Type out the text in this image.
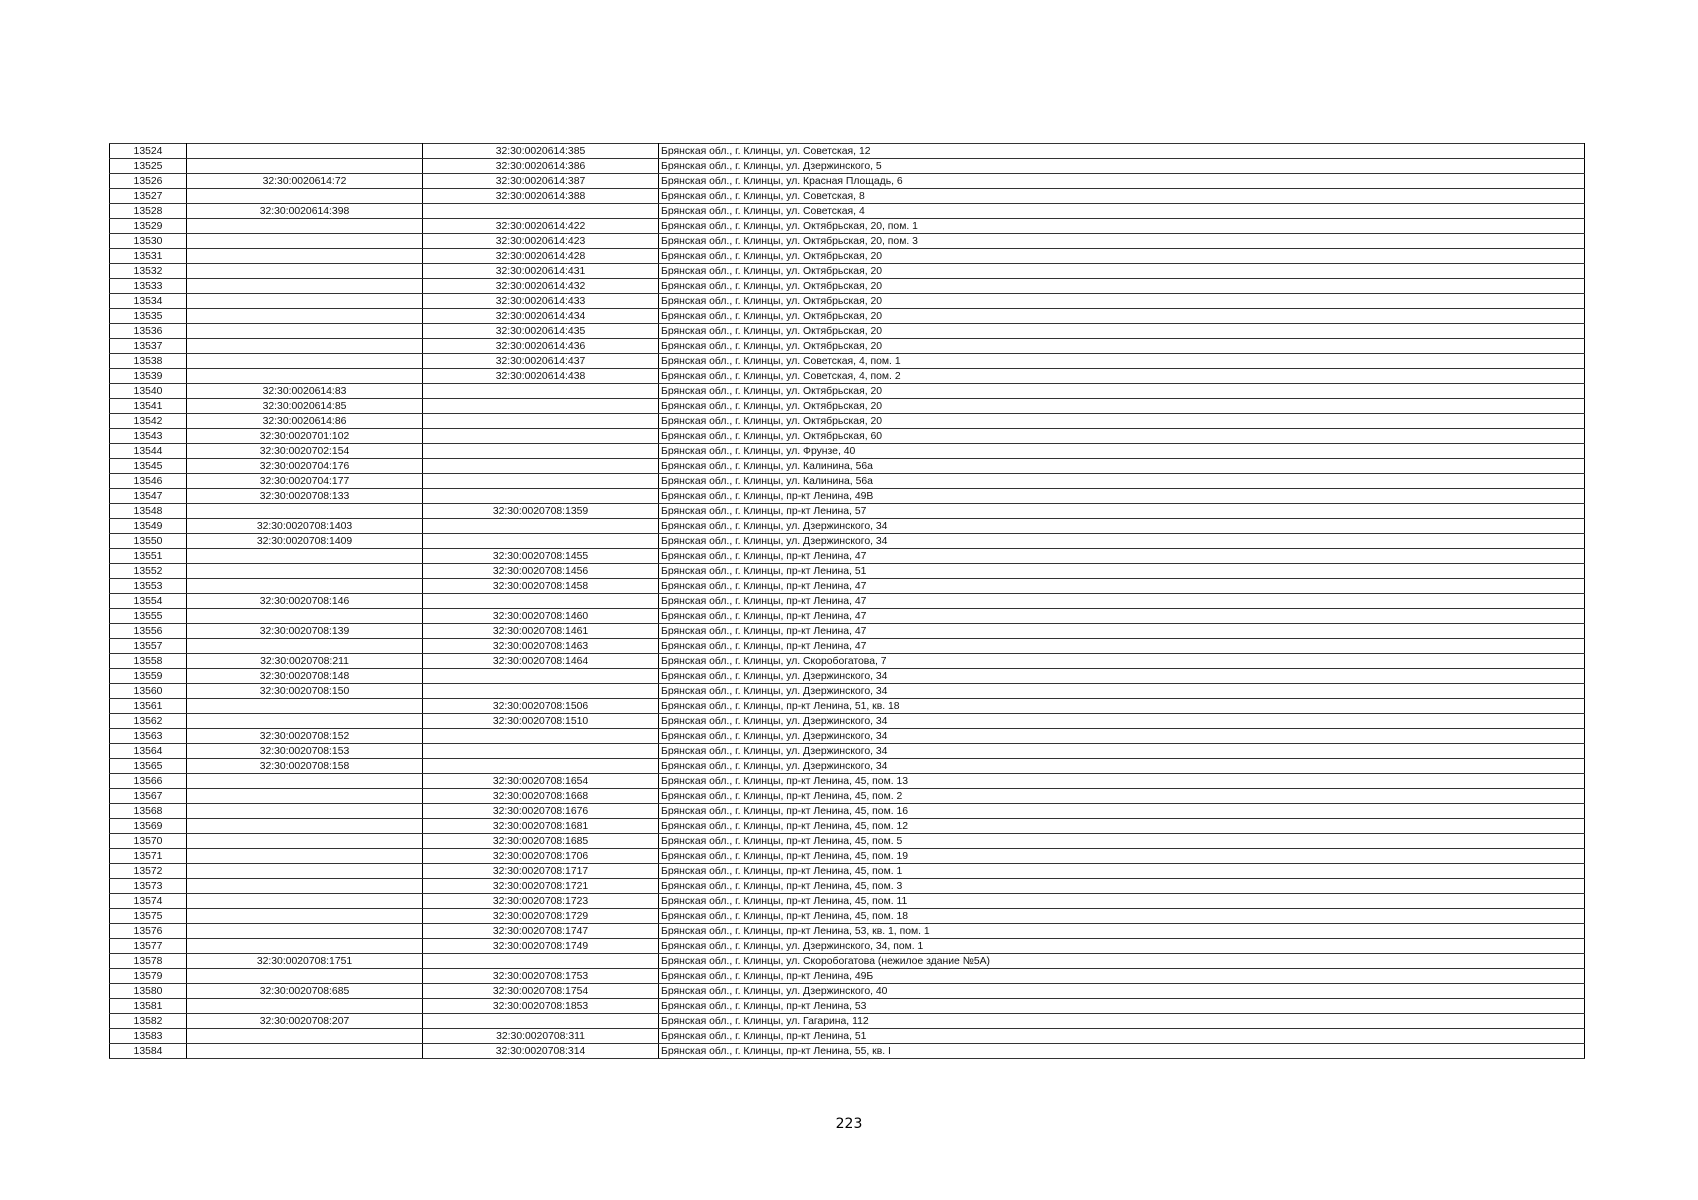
13524		32:30:0020614:385	Брянская обл., г. Клинцы, ул. Советская, 12
13525		32:30:0020614:386	Брянская обл., г. Клинцы, ул. Дзержинского, 5
13526	32:30:0020614:72	32:30:0020614:387	Брянская обл., г. Клинцы, ул. Красная Площадь, 6
13527		32:30:0020614:388	Брянская обл., г. Клинцы, ул. Советская, 8
13528	32:30:0020614:398		Брянская обл., г. Клинцы, ул. Советская, 4
13529		32:30:0020614:422	Брянская обл., г. Клинцы, ул. Октябрьская, 20, пом. 1
13530		32:30:0020614:423	Брянская обл., г. Клинцы, ул. Октябрьская, 20, пом. 3
13531		32:30:0020614:428	Брянская обл., г. Клинцы, ул. Октябрьская, 20
13532		32:30:0020614:431	Брянская обл., г. Клинцы, ул. Октябрьская, 20
13533		32:30:0020614:432	Брянская обл., г. Клинцы, ул. Октябрьская, 20
13534		32:30:0020614:433	Брянская обл., г. Клинцы, ул. Октябрьская, 20
13535		32:30:0020614:434	Брянская обл., г. Клинцы, ул. Октябрьская, 20
13536		32:30:0020614:435	Брянская обл., г. Клинцы, ул. Октябрьская, 20
13537		32:30:0020614:436	Брянская обл., г. Клинцы, ул. Октябрьская, 20
13538		32:30:0020614:437	Брянская обл., г. Клинцы, ул. Советская, 4, пом. 1
13539		32:30:0020614:438	Брянская обл., г. Клинцы, ул. Советская, 4, пом. 2
13540	32:30:0020614:83		Брянская обл., г. Клинцы, ул. Октябрьская, 20
13541	32:30:0020614:85		Брянская обл., г. Клинцы, ул. Октябрьская, 20
13542	32:30:0020614:86		Брянская обл., г. Клинцы, ул. Октябрьская, 20
13543	32:30:0020701:102		Брянская обл., г. Клинцы, ул. Октябрьская, 60
13544	32:30:0020702:154		Брянская обл., г. Клинцы, ул. Фрунзе, 40
13545	32:30:0020704:176		Брянская обл., г. Клинцы, ул. Калинина, 56а
13546	32:30:0020704:177		Брянская обл., г. Клинцы, ул. Калинина, 56а
13547	32:30:0020708:133		Брянская обл., г. Клинцы, пр-кт Ленина, 49В
13548		32:30:0020708:1359	Брянская обл., г. Клинцы, пр-кт Ленина, 57
13549	32:30:0020708:1403		Брянская обл., г. Клинцы, ул. Дзержинского, 34
13550	32:30:0020708:1409		Брянская обл., г. Клинцы, ул. Дзержинского, 34
13551		32:30:0020708:1455	Брянская обл., г. Клинцы, пр-кт Ленина, 47
13552		32:30:0020708:1456	Брянская обл., г. Клинцы, пр-кт Ленина, 51
13553		32:30:0020708:1458	Брянская обл., г. Клинцы, пр-кт Ленина, 47
13554	32:30:0020708:146		Брянская обл., г. Клинцы, пр-кт Ленина, 47
13555		32:30:0020708:1460	Брянская обл., г. Клинцы, пр-кт Ленина, 47
13556	32:30:0020708:139	32:30:0020708:1461	Брянская обл., г. Клинцы, пр-кт Ленина, 47
13557		32:30:0020708:1463	Брянская обл., г. Клинцы, пр-кт Ленина, 47
13558	32:30:0020708:211	32:30:0020708:1464	Брянская обл., г. Клинцы, ул. Скоробогатова, 7
13559	32:30:0020708:148		Брянская обл., г. Клинцы, ул. Дзержинского, 34
13560	32:30:0020708:150		Брянская обл., г. Клинцы, ул. Дзержинского, 34
13561		32:30:0020708:1506	Брянская обл., г. Клинцы, пр-кт Ленина, 51, кв. 18
13562		32:30:0020708:1510	Брянская обл., г. Клинцы, ул. Дзержинского, 34
13563	32:30:0020708:152		Брянская обл., г. Клинцы, ул. Дзержинского, 34
13564	32:30:0020708:153		Брянская обл., г. Клинцы, ул. Дзержинского, 34
13565	32:30:0020708:158		Брянская обл., г. Клинцы, ул. Дзержинского, 34
13566		32:30:0020708:1654	Брянская обл., г. Клинцы, пр-кт Ленина, 45, пом. 13
13567		32:30:0020708:1668	Брянская обл., г. Клинцы, пр-кт Ленина, 45, пом. 2
13568		32:30:0020708:1676	Брянская обл., г. Клинцы, пр-кт Ленина, 45, пом. 16
13569		32:30:0020708:1681	Брянская обл., г. Клинцы, пр-кт Ленина, 45, пом. 12
13570		32:30:0020708:1685	Брянская обл., г. Клинцы, пр-кт Ленина, 45, пом. 5
13571		32:30:0020708:1706	Брянская обл., г. Клинцы, пр-кт Ленина, 45, пом. 19
13572		32:30:0020708:1717	Брянская обл., г. Клинцы, пр-кт Ленина, 45, пом. 1
13573		32:30:0020708:1721	Брянская обл., г. Клинцы, пр-кт Ленина, 45, пом. 3
13574		32:30:0020708:1723	Брянская обл., г. Клинцы, пр-кт Ленина, 45, пом. 11
13575		32:30:0020708:1729	Брянская обл., г. Клинцы, пр-кт Ленина, 45, пом. 18
13576		32:30:0020708:1747	Брянская обл., г. Клинцы, пр-кт Ленина, 53, кв. 1, пом. 1
13577		32:30:0020708:1749	Брянская обл., г. Клинцы, ул. Дзержинского, 34, пом. 1
13578	32:30:0020708:1751		Брянская обл., г. Клинцы, ул. Скоробогатова (нежилое здание №5А)
13579		32:30:0020708:1753	Брянская обл., г. Клинцы, пр-кт Ленина, 49Б
13580	32:30:0020708:685	32:30:0020708:1754	Брянская обл., г. Клинцы, ул. Дзержинского, 40
13581		32:30:0020708:1853	Брянская обл., г. Клинцы, пр-кт Ленина, 53
13582	32:30:0020708:207		Брянская обл., г. Клинцы, ул. Гагарина, 112
13583		32:30:0020708:311	Брянская обл., г. Клинцы, пр-кт Ленина, 51
13584		32:30:0020708:314	Брянская обл., г. Клинцы, пр-кт Ленина, 55, кв. I
223
